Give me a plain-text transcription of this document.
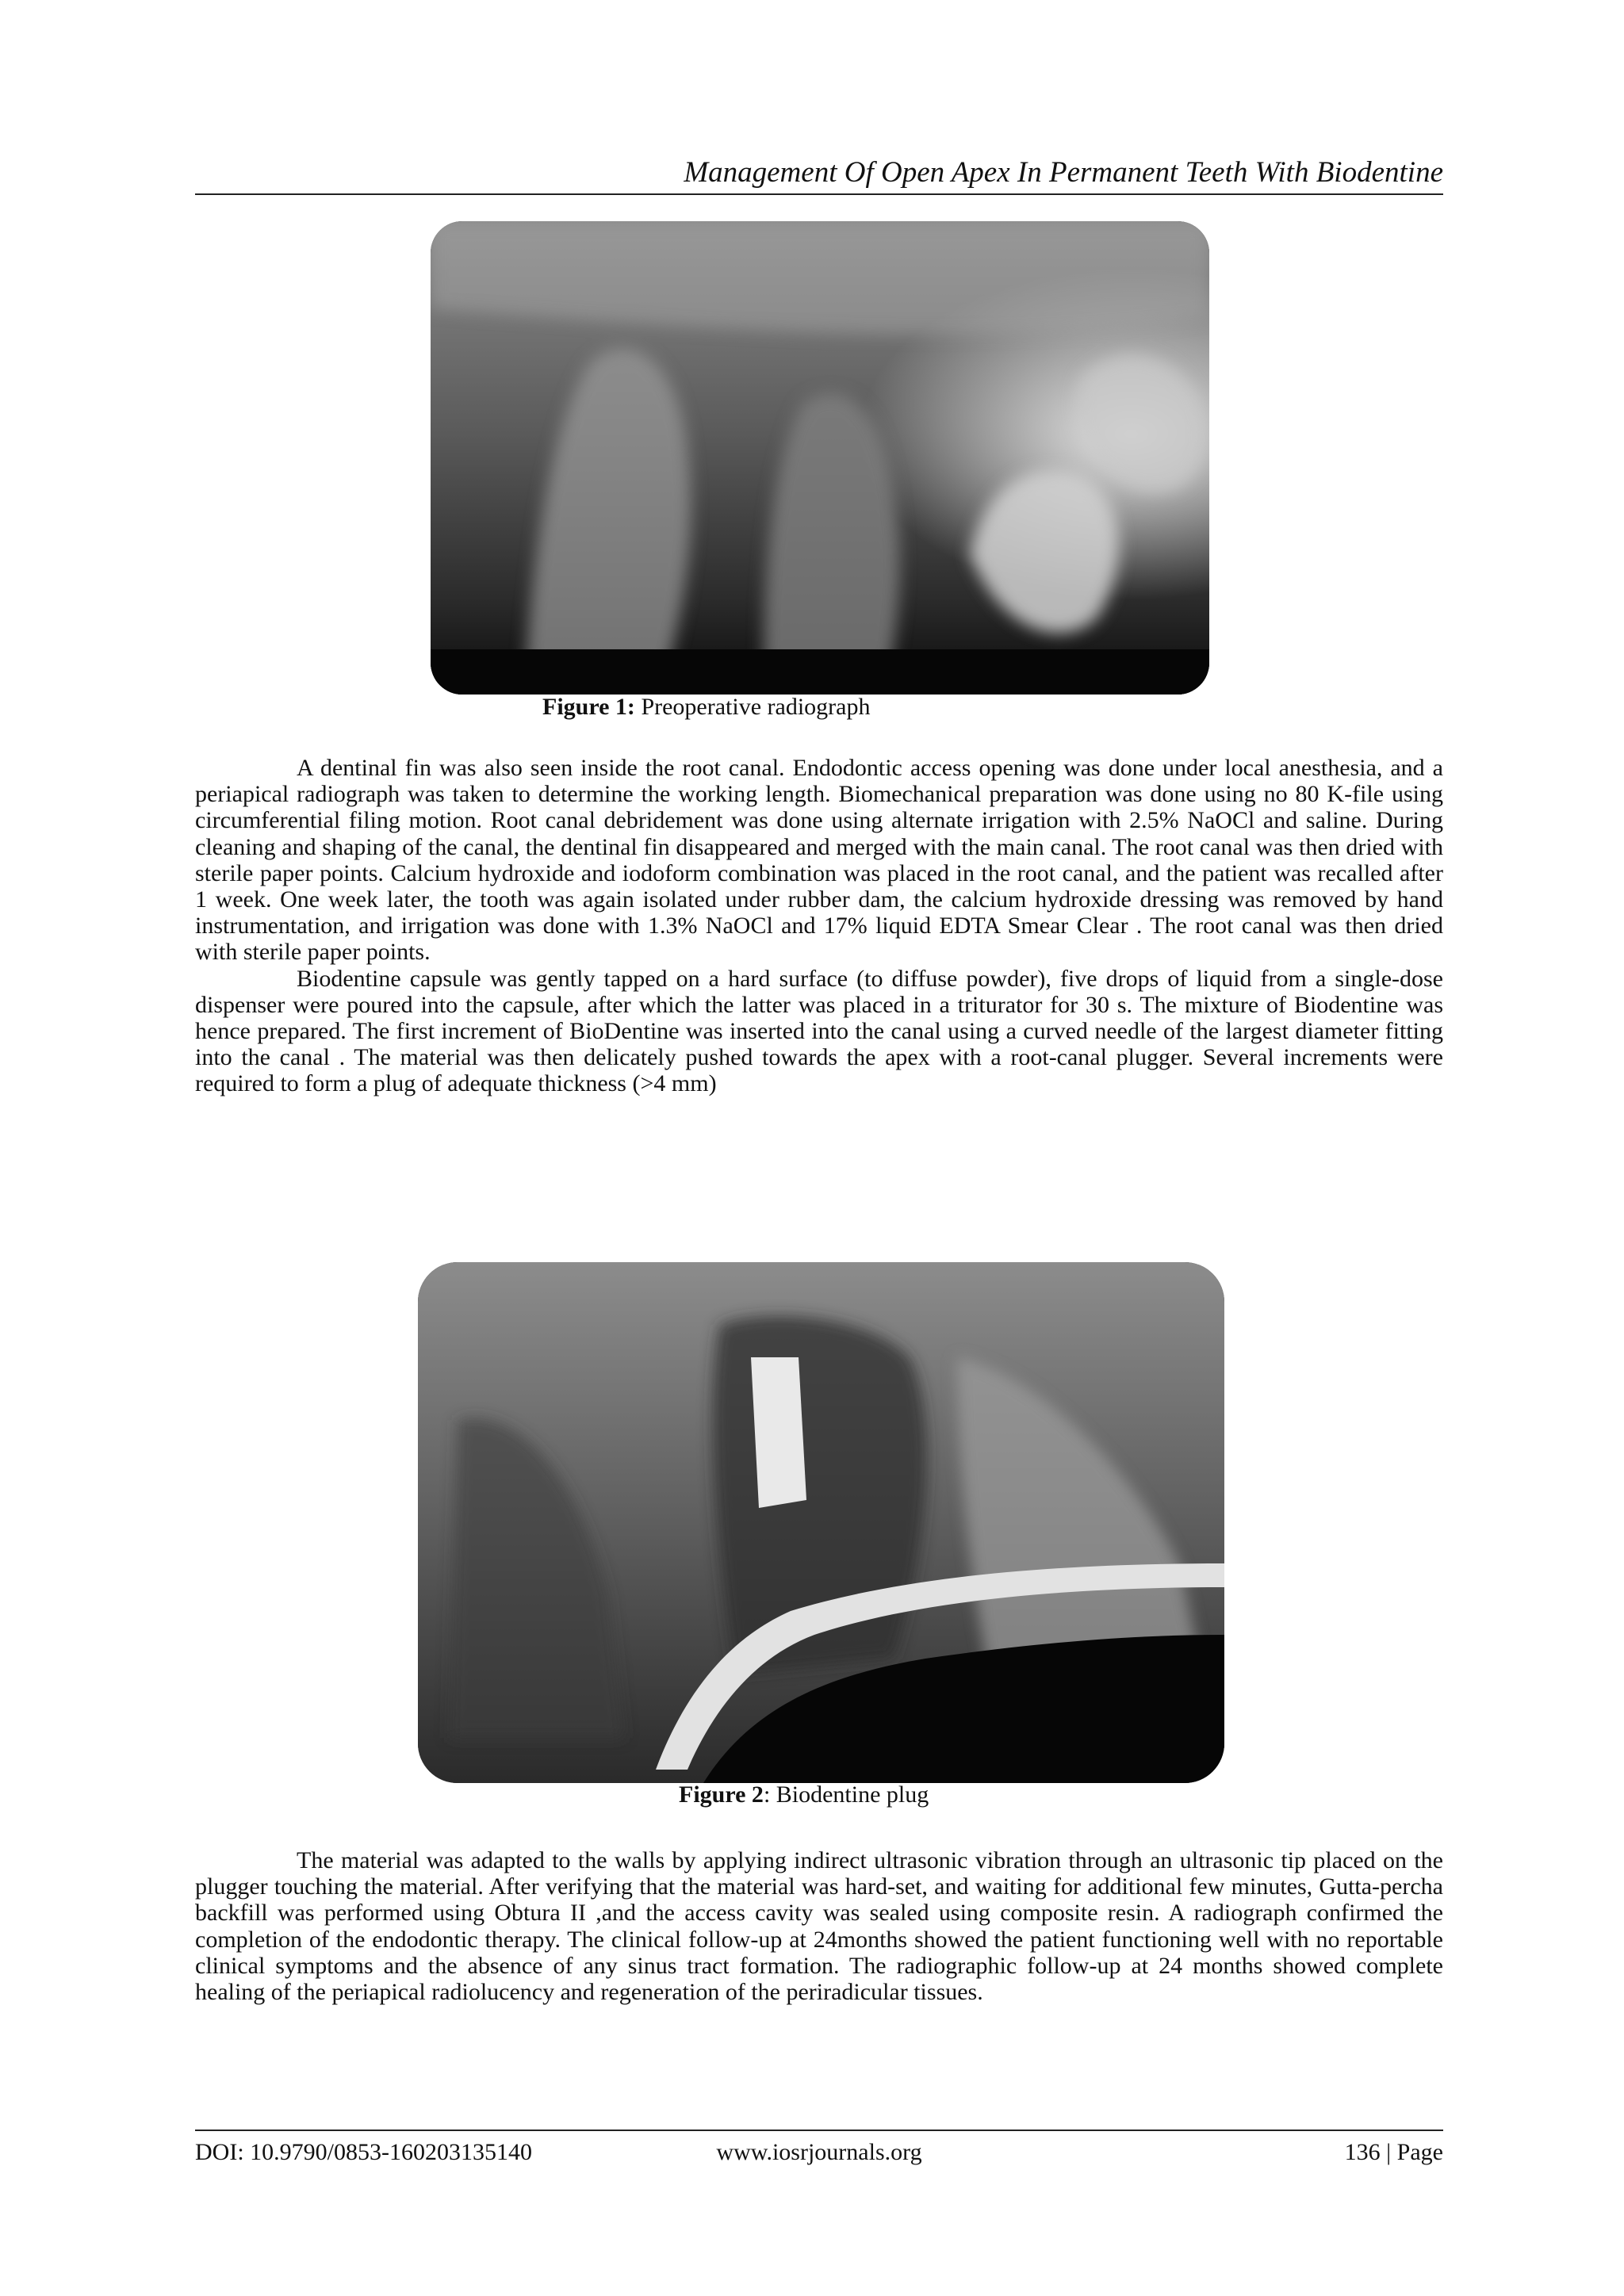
Management Of Open Apex In Permanent Teeth With Biodentine
Figure 1: Preoperative radiograph

A dentinal fin was also seen inside the root canal. Endodontic access opening was done under local anesthesia, and a periapical radiograph was taken to determine the working length. Biomechanical preparation was done using no 80 K-file using circumferential filing motion. Root canal debridement was done using alternate irrigation with 2.5% NaOCl and saline. During cleaning and shaping of the canal, the dentinal fin disappeared and merged with the main canal. The root canal was then dried with sterile paper points. Calcium hydroxide and iodoform combination was placed in the root canal, and the patient was recalled after 1 week. One week later, the tooth was again isolated under rubber dam, the calcium hydroxide dressing was removed by hand instrumentation, and irrigation was done with 1.3% NaOCl and 17% liquid EDTA Smear Clear . The root canal was then dried with sterile paper points.

Biodentine capsule was gently tapped on a hard surface (to diffuse powder), five drops of liquid from a single-dose dispenser were poured into the capsule, after which the latter was placed in a triturator for 30 s. The mixture of Biodentine was hence prepared. The first increment of BioDentine was inserted into the canal using a curved needle of the largest diameter fitting into the canal . The material was then delicately pushed towards the apex with a root-canal plugger. Several increments were required to form a plug of adequate thickness (>4 mm)

Figure 2: Biodentine plug

The material was adapted to the walls by applying indirect ultrasonic vibration through an ultrasonic tip placed on the plugger touching the material. After verifying that the material was hard-set, and waiting for additional few minutes, Gutta-percha backfill was performed using Obtura II ,and the access cavity was sealed using composite resin. A radiograph confirmed the completion of the endodontic therapy. The clinical follow-up at 24months showed the patient functioning well with no reportable clinical symptoms and the absence of any sinus tract formation. The radiographic follow-up at 24 months showed complete healing of the periapical radiolucency and regeneration of the periradicular tissues.

DOI: 10.9790/0853-160203135140	www.iosrjournals.org	136 | Page
